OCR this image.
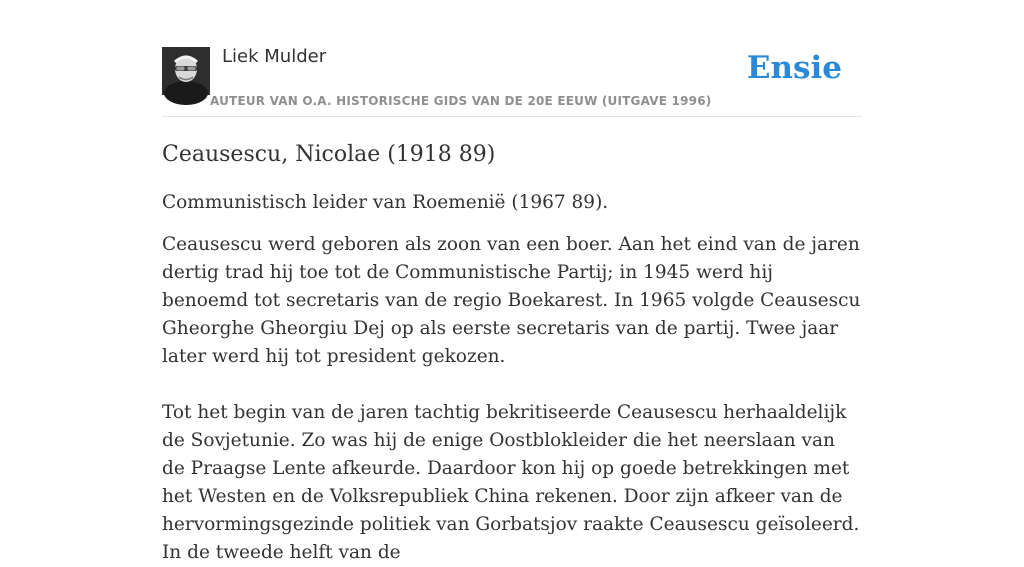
Liek Mulder
AUTEUR VAN O.A. HISTORISCHE GIDS VAN DE 20E EEUW (UITGAVE 1996)
Ensie
Ceausescu, Nicolae (1918 89)

Communistisch leider van Roemenië (1967 89).

Ceausescu werd geboren als zoon van een boer. Aan het eind van de jaren dertig trad hij toe tot de Communistische Partij; in 1945 werd hij benoemd tot secretaris van de regio Boekarest. In 1965 volgde Ceausescu Gheorghe Gheorgiu Dej op als eerste secretaris van de partij. Twee jaar later werd hij tot president gekozen.

Tot het begin van de jaren tachtig bekritiseerde Ceausescu herhaaldelijk de Sovjetunie. Zo was hij de enige Oostblokleider die het neerslaan van de Praagse Lente afkeurde. Daardoor kon hij op goede betrekkingen met het Westen en de Volksrepubliek China rekenen. Door zijn afkeer van de hervormingsgezinde politiek van Gorbatsjov raakte Ceausescu geïsoleerd. In de tweede helft van de
